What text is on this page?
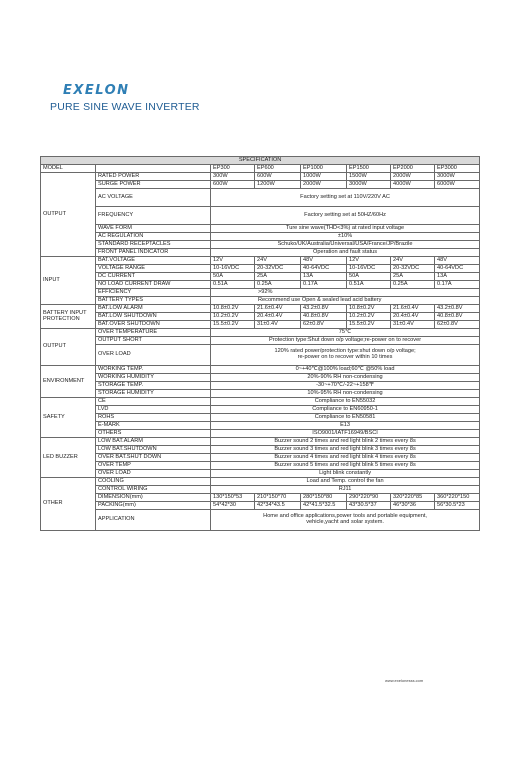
EXELON
PURE SINE WAVE INVERTER
SPECIFICATION							
MODEL		EP300	EP600	EP1000	EP1500	EP2000	EP3000
OUTPUT	RATED POWER	300W	600W	1000W	1500W	2000W	3000W
	SURGE POWER	600W	1200W	2000W	3000W	4000W	6000W
	AC VOLTAGE	Factory setting set at 110V/220V AC					
	FREQUENCY	Factory setting set at 50HZ/60Hz					
	WAVE FORM	Ture sine wave(THD<3%) at rated input voltage					
	AC REGULATION	±10%					
	STANDARD RECEPTACLES	Schuko/UK/Australia/Universal/USA/France/JP/Brazile					
	FRONT PANEL INDICATOR	Operation and fault status					
INPUT	BAT.VOLTAGE	12V	24V	48V	12V	24V	48V
	VOLTAGE RANGE	10-16VDC	20-32VDC	40-64VDC	10-16VDC	20-32VDC	40-64VDC
	DC CURRENT	50A	25A	13A	50A	25A	13A
	NO LOAD CURRENT DRAW	0.51A	0.25A	0.17A	0.51A	0.25A	0.17A
	EFFICIENCY	>92%					
	BATTERY TYPES	Recommend use Open & sealed lead acid battery					
BATTERY INPUT PROTECTION	BAT.LOW ALARM	10.8±0.2V	21.6±0.4V	43.2±0.8V	10.8±0.2V	21.6±0.4V	43.2±0.8V
	BAT.LOW SHUTDOWN	10.2±0.2V	20.4±0.4V	40.8±0.8V	10.2±0.2V	20.4±0.4V	40.8±0.8V
	BAT.OVER SHUTDOWN	15.5±0.2V	31±0.4V	62±0.8V	15.5±0.2V	31±0.4V	62±0.8V
OUTPUT	OVER TEMPERATURE	75℃					
	OUTPUT SHORT	Protection type:Shut down o/p voltage;re-power on to recover					
	OVER LOAD	120% rated power/protection type:shut down o/p voltage;
re-power on to recover within 10 times					

ENVIRONMENT	WORKING TEMP.	0~+40℃@100% load;60℃ @50% load					
	WORKING HUMIDITY	20%-90% RH non-condensing					
	STORAGE TEMP.	-30~+70℃/-22~+158℉					
	STORAGE HUMIDITY	10%-95% RH non-condensing					
SAFETY	CE	Compliance to EN55032					
	LVD	Compliance to EN60950-1					
	ROHS	Compliance to EN50581					
	E-MARK	E13					
	OTHERS	ISO9001/IATF16949/BSCI					
LED BUZZER	LOW BAT.ALARM	Buzzer sound 2 times and red light blink 2 times every 8s					
	LOW BAT.SHUTDOWN	Buzzer sound 3 times and red light blink 3 times every 8s					
	OVER BAT.SHUT DOWN	Buzzer sound 4 times and red light blink 4 times every 8s					
	OVER TEMP	Buzzer sound 5 times and red light blink 5 times every 8s					
	OVER LOAD	Light blink constantly					
OTHER	COOLING	Load and Temp. control the fan					
	CONTROL WIRING	RJ11					
	DIMENSION(mm)	130*150*53	210*150*70	280*150*80	290*220*90	320*220*85	360*220*150
	PACKING(mm)	54*42*30	42*34*43.5	42*41.5*32.5	43*30.5*37	46*30*36	56*30.5*23
	APPLICATION	Home and office applications,power tools and portable equipment,
vehicle,yacht and solar system.					
www.exelonesss.com
